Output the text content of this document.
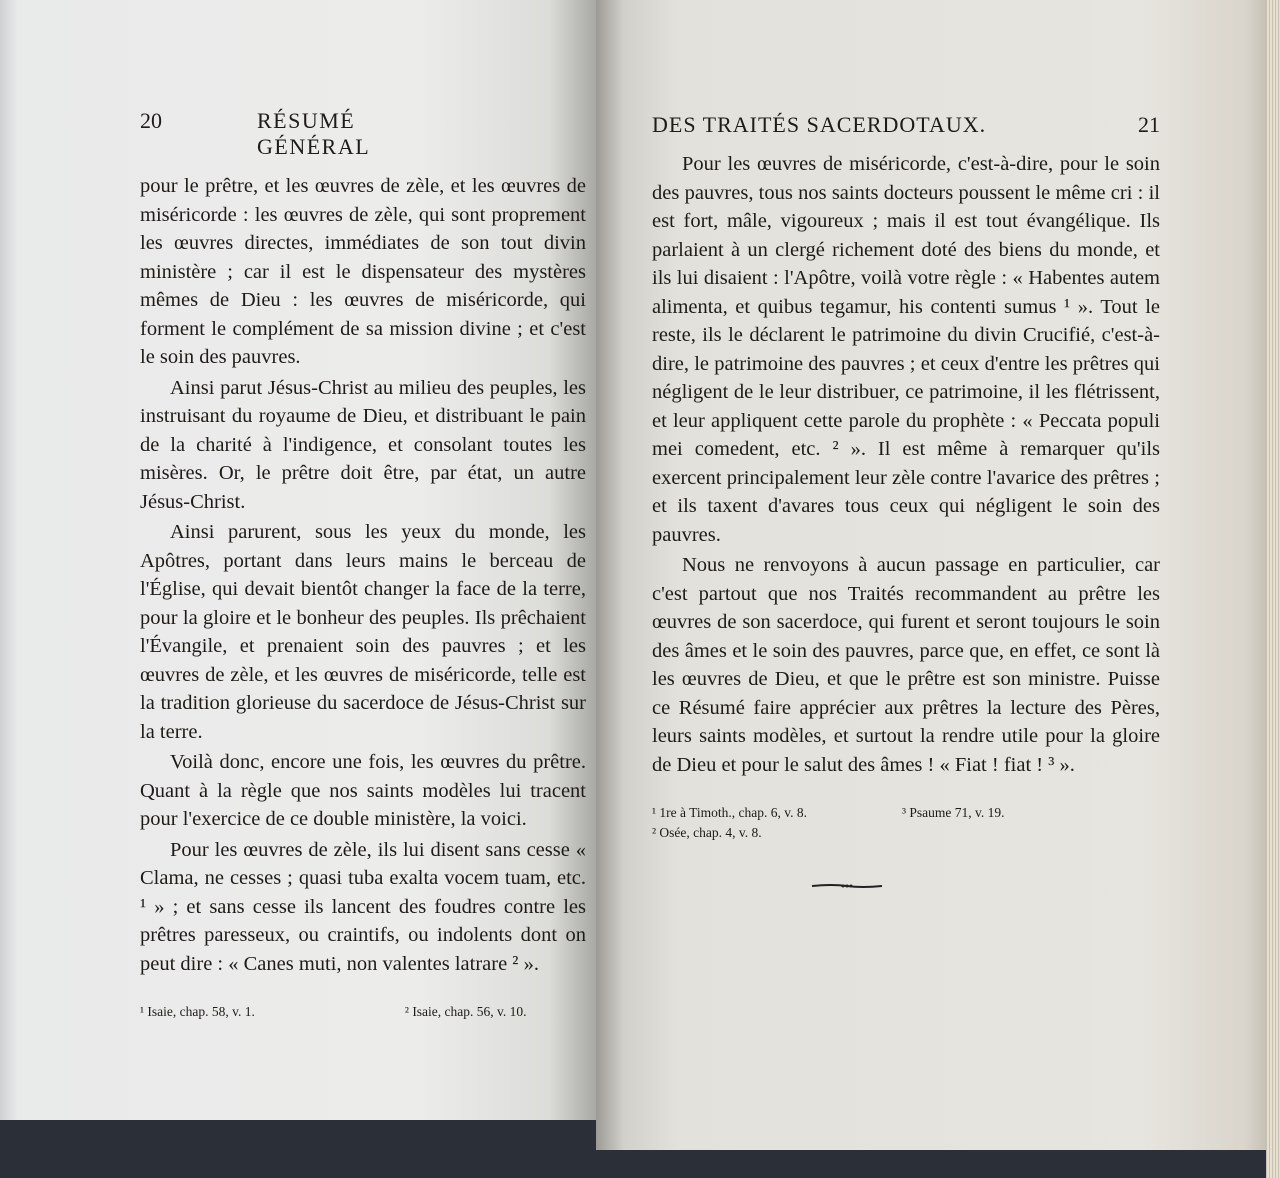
20	RÉSUMÉ GÉNÉRAL

pour le prêtre, et les œuvres de zèle, et les œuvres de miséricorde : les œuvres de zèle, qui sont proprement les œuvres directes, immédiates de son tout divin ministère ; car il est le dispensateur des mystères mêmes de Dieu : les œuvres de miséricorde, qui forment le complément de sa mission divine ; et c'est le soin des pauvres.

Ainsi parut Jésus-Christ au milieu des peuples, les instruisant du royaume de Dieu, et distribuant le pain de la charité à l'indigence, et consolant toutes les misères. Or, le prêtre doit être, par état, un autre Jésus-Christ.

Ainsi parurent, sous les yeux du monde, les Apôtres, portant dans leurs mains le berceau de l'Église, qui devait bientôt changer la face de la terre, pour la gloire et le bonheur des peuples. Ils prêchaient l'Évangile, et prenaient soin des pauvres ; et les œuvres de zèle, et les œuvres de miséricorde, telle est la tradition glorieuse du sacerdoce de Jésus-Christ sur la terre.

Voilà donc, encore une fois, les œuvres du prêtre. Quant à la règle que nos saints modèles lui tracent pour l'exercice de ce double ministère, la voici.

Pour les œuvres de zèle, ils lui disent sans cesse « Clama, ne cesses ; quasi tuba exalta vocem tuam, etc. ¹ » ; et sans cesse ils lancent des foudres contre les prêtres paresseux, ou craintifs, ou indolents dont on peut dire : « Canes muti, non valentes latrare ² ».

¹ Isaie, chap. 58, v. 1.	² Isaie, chap. 56, v. 10.
DES TRAITÉS SACERDOTAUX.	21

Pour les œuvres de miséricorde, c'est-à-dire, pour le soin des pauvres, tous nos saints docteurs poussent le même cri : il est fort, mâle, vigoureux ; mais il est tout évangélique. Ils parlaient à un clergé richement doté des biens du monde, et ils lui disaient : l'Apôtre, voilà votre règle : « Habentes autem alimenta, et quibus tegamur, his contenti sumus ¹ ». Tout le reste, ils le déclarent le patrimoine du divin Crucifié, c'est-à-dire, le patrimoine des pauvres ; et ceux d'entre les prêtres qui négligent de le leur distribuer, ce patrimoine, il les flétrissent, et leur appliquent cette parole du prophète : « Peccata populi mei comedent, etc. ² ». Il est même à remarquer qu'ils exercent principalement leur zèle contre l'avarice des prêtres ; et ils taxent d'avares tous ceux qui négligent le soin des pauvres.

Nous ne renvoyons à aucun passage en particulier, car c'est partout que nos Traités recommandent au prêtre les œuvres de son sacerdoce, qui furent et seront toujours le soin des âmes et le soin des pauvres, parce que, en effet, ce sont là les œuvres de Dieu, et que le prêtre est son ministre. Puisse ce Résumé faire apprécier aux prêtres la lecture des Pères, leurs saints modèles, et surtout la rendre utile pour la gloire de Dieu et pour le salut des âmes ! « Fiat ! fiat ! ³ ».

¹ 1re à Timoth., chap. 6, v. 8.	³ Psaume 71, v. 19.
² Osée, chap. 4, v. 8.
